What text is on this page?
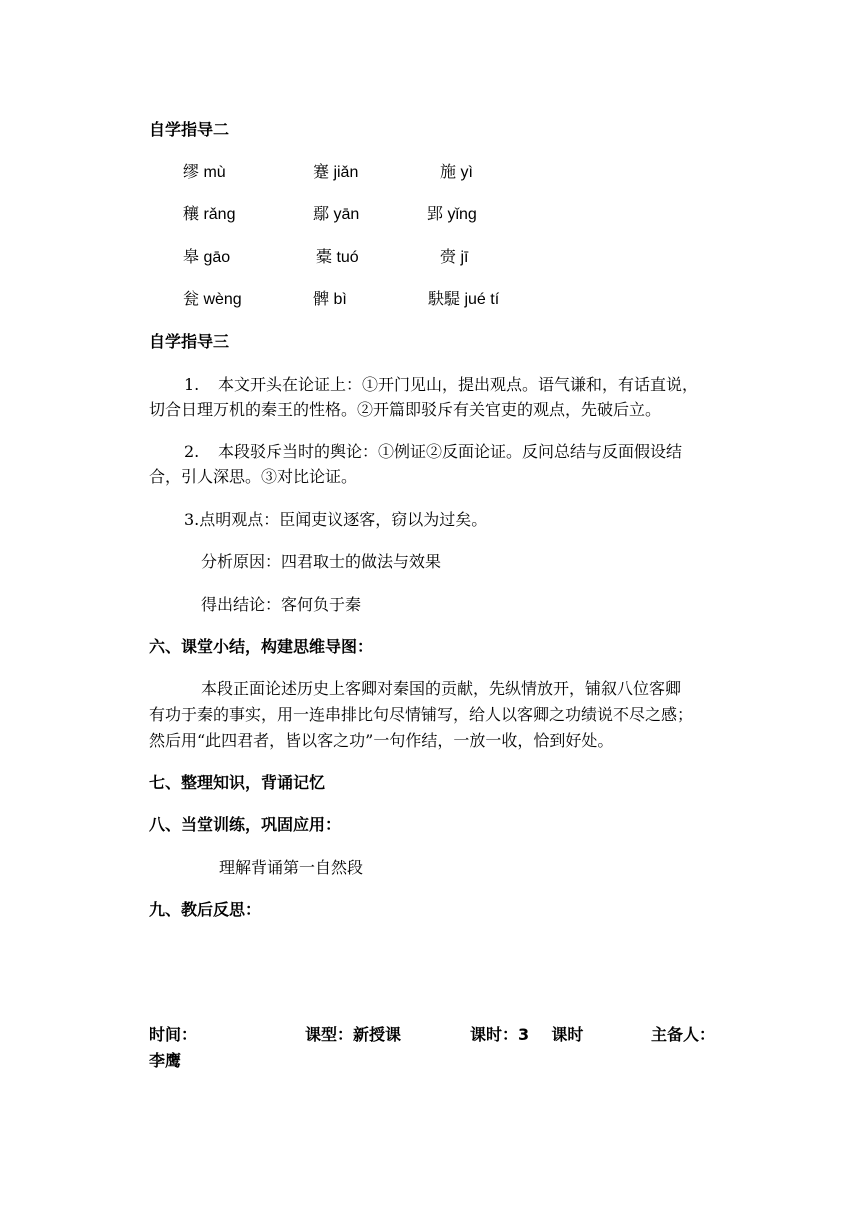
自学指导二
缪 mù	蹇 jiǎn	施 yì
穰 rǎng	鄢 yān	郢 yǐng
皋 gāo	橐 tuó	赍 jī
瓮 wèng	髀 bì	駃騠 jué tí
自学指导三
1. 本文开头在论证上：①开门见山，提出观点。语气谦和，有话直说，
切合日理万机的秦王的性格。②开篇即驳斥有关官吏的观点，先破后立。
2. 本段驳斥当时的舆论：①例证②反面论证。反问总结与反面假设结
合，引人深思。③对比论证。
3.点明观点：臣闻吏议逐客，窃以为过矣。
分析原因：四君取士的做法与效果
得出结论：客何负于秦
六、课堂小结，构建思维导图：
本段正面论述历史上客卿对秦国的贡献，先纵情放开，铺叙八位客卿
有功于秦的事实，用一连串排比句尽情铺写，给人以客卿之功绩说不尽之感；
然后用“此四君者，皆以客之功”一句作结，一放一收，恰到好处。
七、整理知识，背诵记忆
八、当堂训练，巩固应用：
理解背诵第一自然段
九、教后反思：
时间：	课型：新授课	课时：3    课时	主备人：
李鹰
